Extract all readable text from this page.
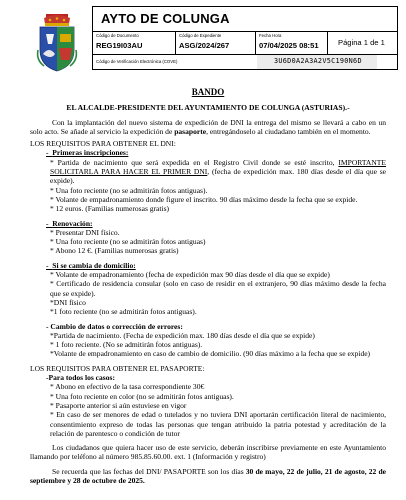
AYTO DE COLUNGA
Código de Documento
REG19I03AU
Código de Expediente
ASG/2024/267
Fecha Hora
07/04/2025 08:51	Página 1 de 1
Código de Verificación Electrónica (COVE)	3U6D0A2A3A2V5C190N6D

BANDO

EL ALCALDE-PRESIDENTE DEL AYUNTAMIENTO DE COLUNGA (ASTURIAS).-

Con la implantación del nuevo sistema de expedición de DNI la entrega del mismo se llevará a cabo en un solo acto. Se añade al servicio la expedición de pasaporte, entregándoselo al ciudadano también en el momento.

LOS REQUISITOS PARA OBTENER EL DNI:

-  Primeras inscripciones:

* Partida de nacimiento que será expedida en el Registro Civil donde se esté inscrito, IMPORTANTE SOLICITARLA PARA HACER EL PRIMER DNI, (fecha de expedición max. 180 días desde el día que se expide).

* Una foto reciente (no se admitirán fotos antiguas).

* Volante de empadronamiento donde figure el inscrito. 90 días máximo desde la fecha que se expide.

* 12 euros. (Familias numerosas gratis)

-  Renovación:

* Presentar DNI físico.

* Una foto reciente (no se admitirán fotos antiguas)

* Abono 12 €. (Familias numerosas gratis)

-  Si se cambia de domicilio:

* Volante de empadronamiento (fecha de expedición max 90 días desde el día que se expide)

* Certificado de residencia consular (solo en caso de residir en el extranjero, 90 días máximo desde la fecha que se expide).

*DNI físico

*1 foto reciente (no se admitirán fotos antiguas).

- Cambio de datos o corrección de errores:

*Partida de nacimiento. (Fecha de expedición max. 180 días desde el día que se expide)

* 1 foto reciente. (No se admitirán fotos antiguas).

*Volante de empadronamiento en caso de cambio de domicilio. (90 días máximo a la fecha que se expide)

LOS REQUISITOS PARA OBTENER EL PASAPORTE:

-Para todos los casos:

* Abono en efectivo de la tasa correspondiente 30€

* Una foto reciente en color (no se admitirán fotos antiguas).

* Pasaporte anterior si aún estuviese en vigor

* En caso de ser menores de edad o tutelados y no tuviera DNI aportarán certificación literal de nacimiento, consentimiento expreso de todas las personas que tengan atribuido la patria potestad y acreditación de la relación de parentesco o condición de tutor

Los ciudadanos que quiera hacer uso de este servicio, deberán inscribirse previamente en este Ayuntamiento llamando por teléfono al número 985.85.60.00. ext. 1 (Información y registro)

Se recuerda que las fechas del DNI/ PASAPORTE son los días 30 de mayo, 22 de julio, 21 de agosto, 22 de septiembre y 28 de octubre de 2025.
